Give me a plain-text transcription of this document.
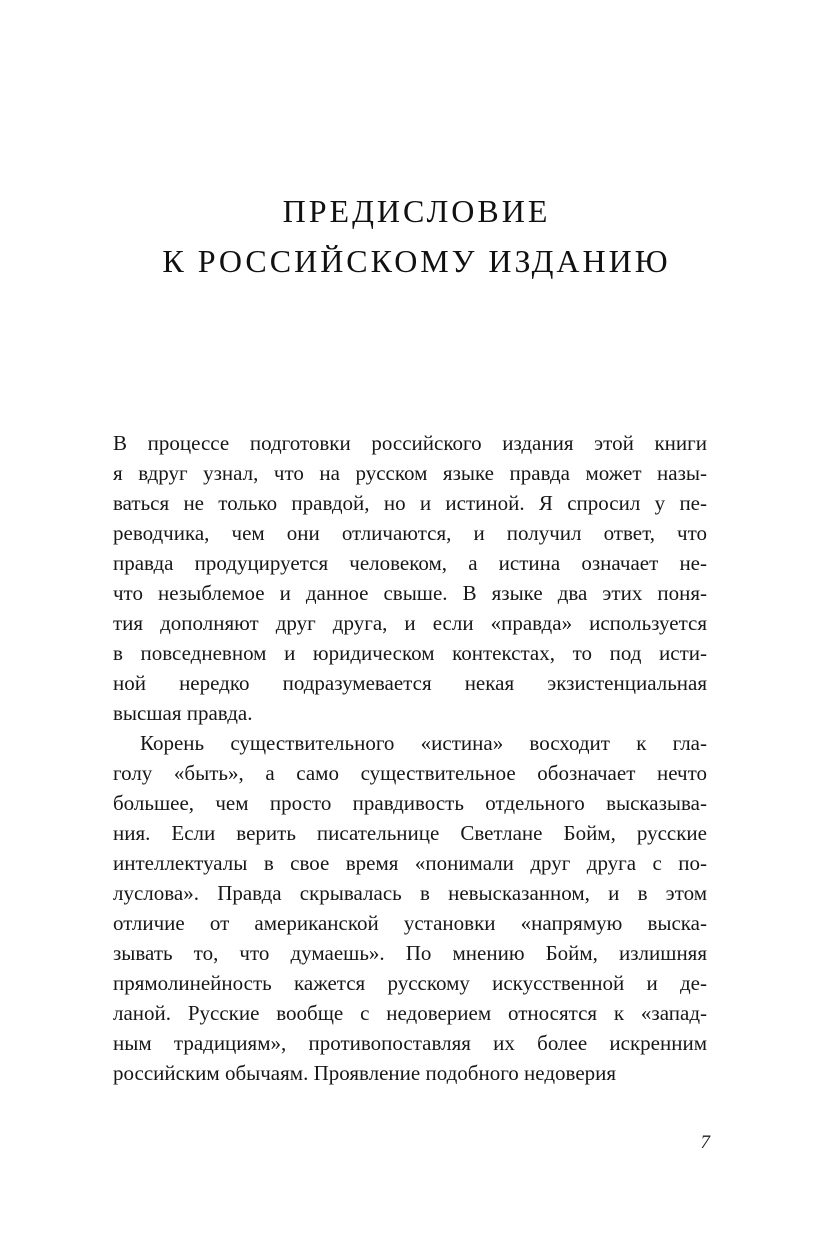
ПРЕДИСЛОВИЕ
К РОССИЙСКОМУ ИЗДАНИЮ
В процессе подготовки российского издания этой книги
я вдруг узнал, что на русском языке правда может назы-
ваться не только правдой, но и истиной. Я спросил у пе-
реводчика, чем они отличаются, и получил ответ, что
правда продуцируется человеком, а истина означает не-
что незыблемое и данное свыше. В языке два этих поня-
тия дополняют друг друга, и если «правда» используется
в повседневном и юридическом контекстах, то под исти-
ной нередко подразумевается некая экзистенциальная
высшая правда.
Корень существительного «истина» восходит к гла-
голу «быть», а само существительное обозначает нечто
большее, чем просто правдивость отдельного высказыва-
ния. Если верить писательнице Светлане Бойм, русские
интеллектуалы в свое время «понимали друг друга с по-
луслова». Правда скрывалась в невысказанном, и в этом
отличие от американской установки «напрямую выска-
зывать то, что думаешь». По мнению Бойм, излишняя
прямолинейность кажется русскому искусственной и де-
ланой. Русские вообще с недоверием относятся к «запад-
ным традициям», противопоставляя их более искренним
российским обычаям. Проявление подобного недоверия
7
